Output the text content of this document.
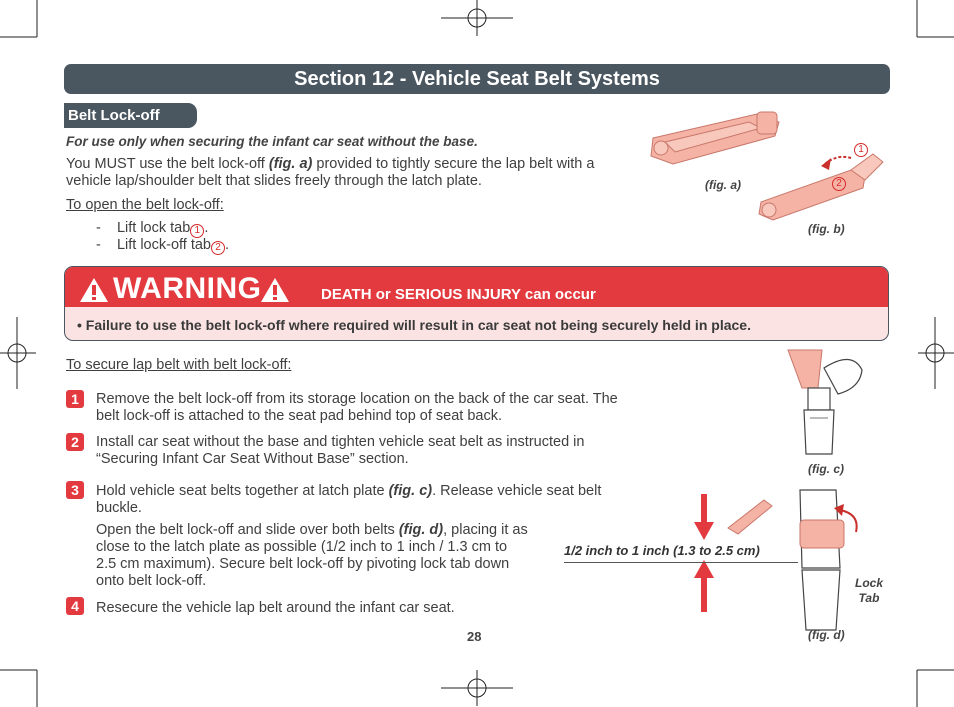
Section 12 - Vehicle Seat Belt Systems
Belt Lock-off
For use only when securing the infant car seat without the base.
You MUST use the belt lock-off (fig. a) provided to tightly secure the lap belt with a vehicle lap/shoulder belt that slides freely through the latch plate.
To open the belt lock-off:
- Lift lock tab 1 .
- Lift lock-off tab 2 .
(fig. a)
1
2
(fig. b)
WARNING	DEATH or SERIOUS INJURY can occur
• Failure to use the belt lock-off where required will result in car seat not being securely held in place.
To secure lap belt with belt lock-off:
1	Remove the belt lock-off from its storage location on the back of the car seat. The belt lock-off is attached to the seat pad behind top of seat back.
2	Install car seat without the base and tighten vehicle seat belt as instructed in “Securing Infant Car Seat Without Base” section.
3	Hold vehicle seat belts together at latch plate (fig. c). Release vehicle seat belt buckle.
Open the belt lock-off and slide over both belts (fig. d), placing it as close to the latch plate as possible (1/2 inch to 1 inch / 1.3 cm to 2.5 cm maximum). Secure belt lock-off by pivoting lock tab down onto belt lock-off.
4	Resecure the vehicle lap belt around the infant car seat.
(fig. c)
1/2 inch to 1 inch (1.3 to 2.5 cm)
Lock
Tab
(fig. d)
28
